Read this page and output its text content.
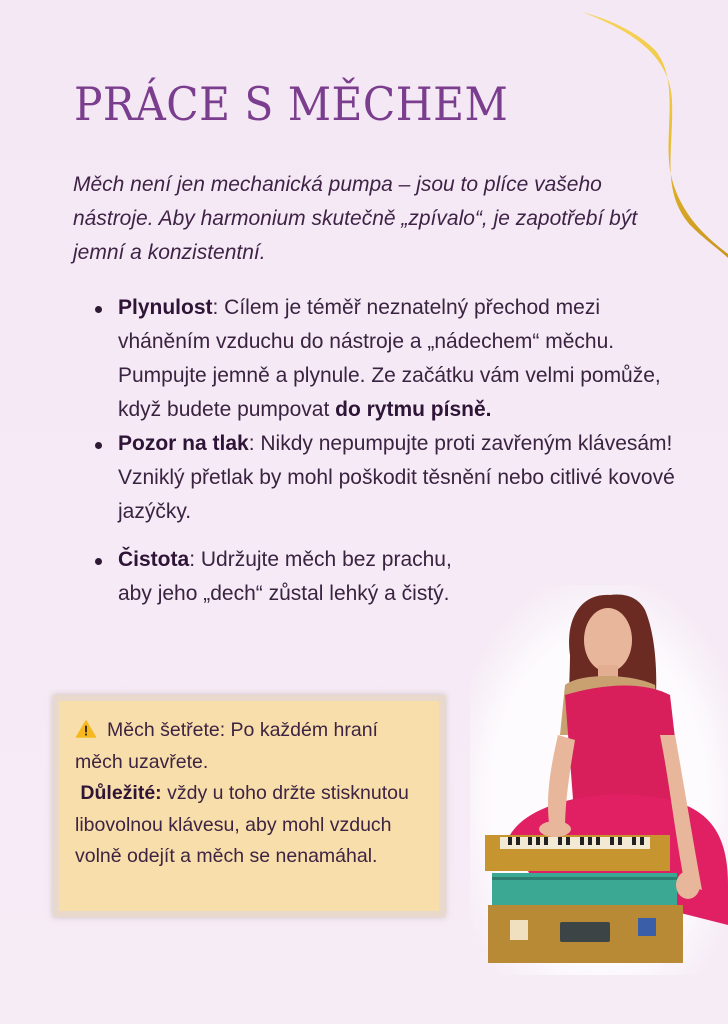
PRÁCE S MĚCHEM

Měch není jen mechanická pumpa – jsou to plíce vašeho nástroje. Aby harmonium skutečně „zpívalo“, je zapotřebí být jemní a konzistentní.

Plynulost: Cílem je téměř neznatelný přechod mezi vháněním vzduchu do nástroje a „nádechem“ měchu. Pumpujte jemně a plynule. Ze začátku vám velmi pomůže, když budete pumpovat do rytmu písně.
Pozor na tlak: Nikdy nepumpujte proti zavřeným klávesám! Vzniklý přetlak by mohl poškodit těsnění nebo citlivé kovové jazýčky.
Čistota: Udržujte měch bez prachu, aby jeho „dech“ zůstal lehký a čistý.
Měch šetřete: Po každém hraní měch uzavřete.
Důležité: vždy u toho držte stisknutou libovolnou klávesu, aby mohl vzduch volně odejít a měch se nenamáhal.
